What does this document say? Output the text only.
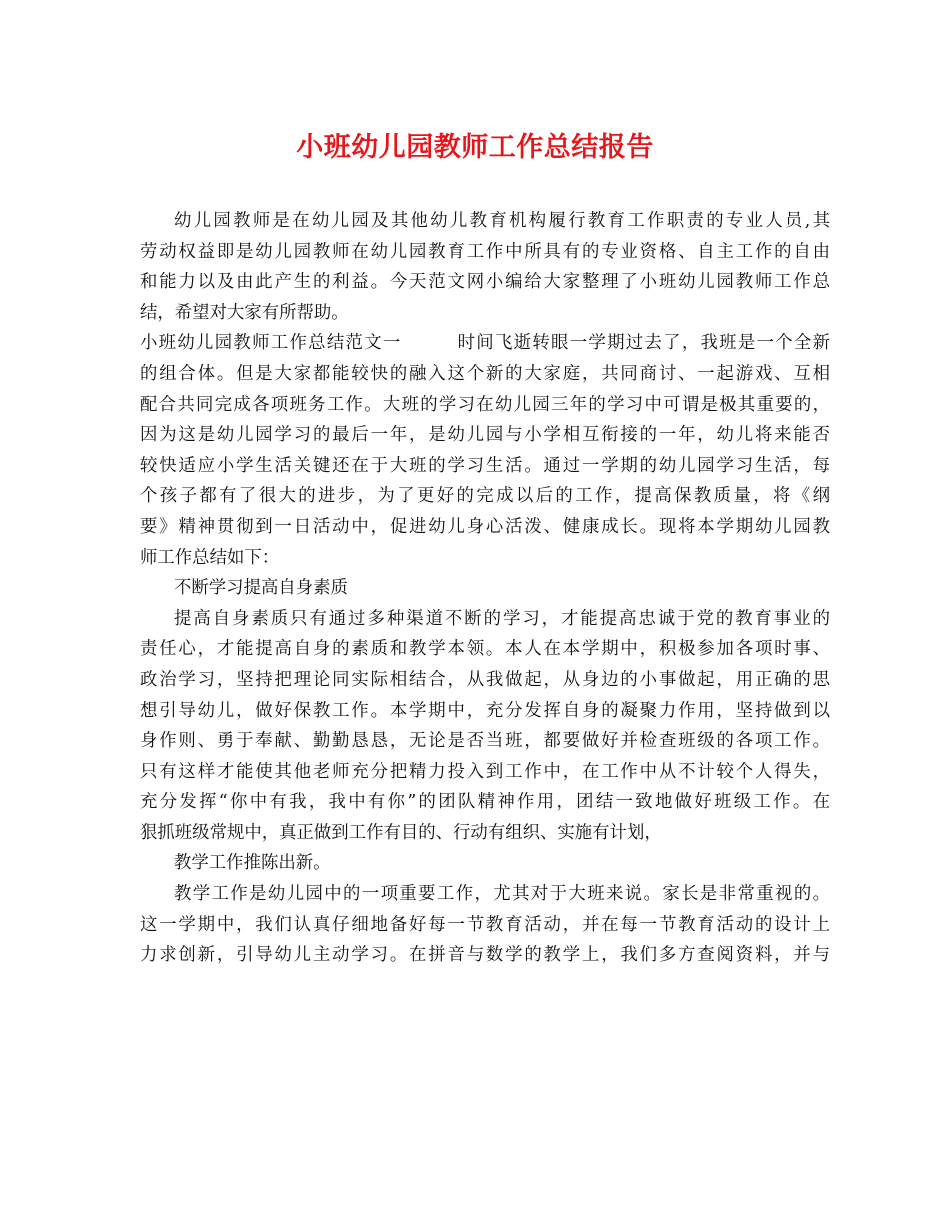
小班幼儿园教师工作总结报告
幼儿园教师是在幼儿园及其他幼儿教育机构履行教育工作职责的专业人员,其
劳动权益即是幼儿园教师在幼儿园教育工作中所具有的专业资格、自主工作的自由
和能力以及由此产生的利益。今天范文网小编给大家整理了小班幼儿园教师工作总
结，希望对大家有所帮助。
小班幼儿园教师工作总结范文一　　　时间飞逝转眼一学期过去了，我班是一个全新
的组合体。但是大家都能较快的融入这个新的大家庭，共同商讨、一起游戏、互相
配合共同完成各项班务工作。大班的学习在幼儿园三年的学习中可谓是极其重要的，
因为这是幼儿园学习的最后一年，是幼儿园与小学相互衔接的一年，幼儿将来能否
较快适应小学生活关键还在于大班的学习生活。通过一学期的幼儿园学习生活，每
个孩子都有了很大的进步，为了更好的完成以后的工作，提高保教质量，将《纲
要》精神贯彻到一日活动中，促进幼儿身心活泼、健康成长。现将本学期幼儿园教
师工作总结如下：
不断学习提高自身素质
提高自身素质只有通过多种渠道不断的学习，才能提高忠诚于党的教育事业的
责任心，才能提高自身的素质和教学本领。本人在本学期中，积极参加各项时事、
政治学习，坚持把理论同实际相结合，从我做起，从身边的小事做起，用正确的思
想引导幼儿，做好保教工作。本学期中，充分发挥自身的凝聚力作用，坚持做到以
身作则、勇于奉献、勤勤恳恳，无论是否当班，都要做好并检查班级的各项工作。
只有这样才能使其他老师充分把精力投入到工作中，在工作中从不计较个人得失，
充分发挥“你中有我，我中有你”的团队精神作用，团结一致地做好班级工作。在
狠抓班级常规中，真正做到工作有目的、行动有组织、实施有计划，
教学工作推陈出新。
教学工作是幼儿园中的一项重要工作，尤其对于大班来说。家长是非常重视的。
这一学期中，我们认真仔细地备好每一节教育活动，并在每一节教育活动的设计上
力求创新，引导幼儿主动学习。在拼音与数学的教学上，我们多方查阅资料，并与
